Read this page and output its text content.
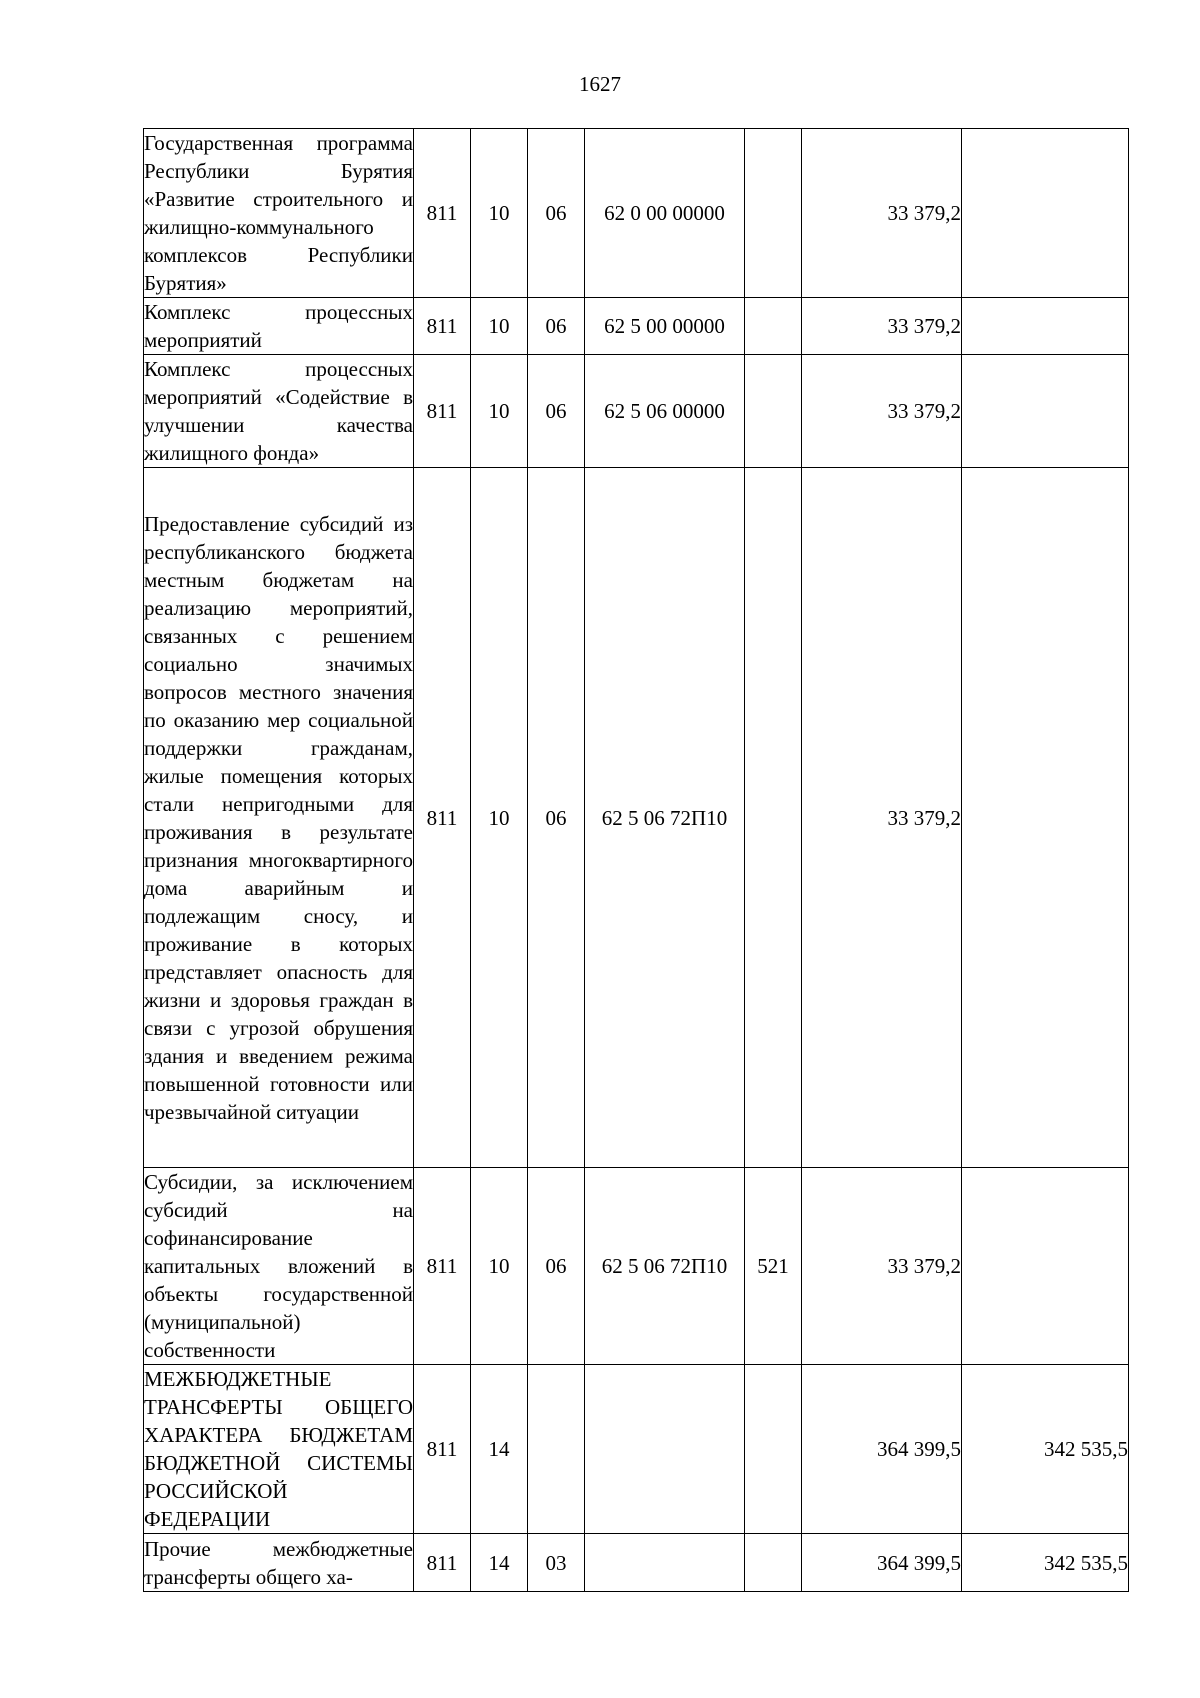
1627
Государственная программа Республики Бурятия «Развитие строительного и жилищно-коммунального комплексов Республики Бурятия»	811	10	06	62 0 00 00000		33 379,2	
Комплекс процессных мероприятий	811	10	06	62 5 00 00000		33 379,2	
Комплекс процессных мероприятий «Содействие в улучшении качества жилищного фонда»	811	10	06	62 5 06 00000		33 379,2	
Предоставление субсидий из республиканского бюджета местным бюджетам на реализацию мероприятий, связанных с решением социально значимых вопросов местного значения по оказанию мер социальной поддержки гражданам, жилые помещения которых стали непригодными для проживания в результате признания многоквартирного дома аварийным и подлежащим сносу, и проживание в которых представляет опасность для жизни и здоровья граждан в связи с угрозой обрушения здания и введением режима повышенной готовности или чрезвычайной ситуации	811	10	06	62 5 06 72П10		33 379,2	
Субсидии, за исключением субсидий на софинансирование капитальных вложений в объекты государственной (муниципальной) собственности	811	10	06	62 5 06 72П10	521	33 379,2	
МЕЖБЮДЖЕТНЫЕ ТРАНСФЕРТЫ ОБЩЕГО ХАРАКТЕРА БЮДЖЕТАМ БЮДЖЕТНОЙ СИСТЕМЫ РОССИЙСКОЙ ФЕДЕРАЦИИ	811	14				364 399,5	342 535,5
Прочие межбюджетные трансферты общего ха-	811	14	03			364 399,5	342 535,5
